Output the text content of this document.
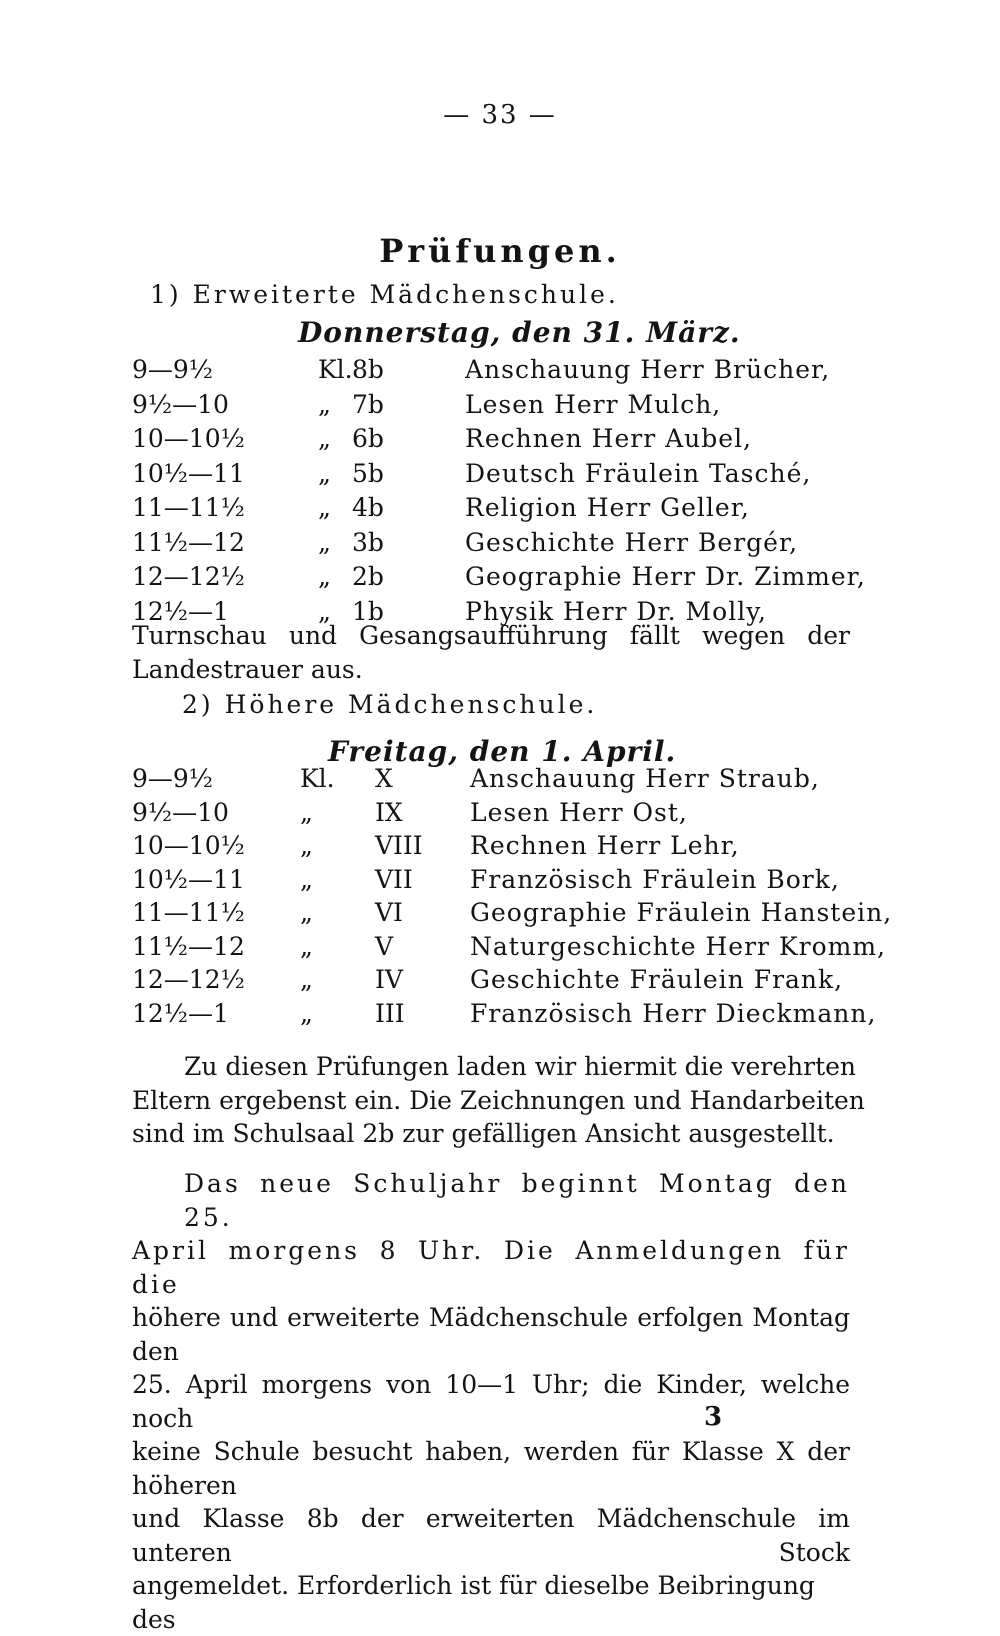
— 33 —
Prüfungen.
1) Erweiterte Mädchenschule.
Donnerstag, den 31. März.
9—9½	Kl. 8b	Anschauung Herr Brücher,
9½—10	„ 7b	Lesen Herr Mulch,
10—10½	„ 6b	Rechnen Herr Aubel,
10½—11	„ 5b	Deutsch Fräulein Tasché,
11—11½	„ 4b	Religion Herr Geller,
11½—12	„ 3b	Geschichte Herr Bergér,
12—12½	„ 2b	Geographie Herr Dr. Zimmer,
12½—1	„ 1b	Physik Herr Dr. Molly,
Turnschau und Gesangsaufführung fällt wegen der
Landestrauer aus.
2) Höhere Mädchenschule.
Freitag, den 1. April.
9—9½	Kl. X	Anschauung Herr Straub,
9½—10	„ IX	Lesen Herr Ost,
10—10½ „ VIII Rechnen Herr Lehr,
10½—11 „ VII Französisch Fräulein Bork,
11—11½ „ VI	Geographie Fräulein Hanstein,
11½—12 „ V	Naturgeschichte Herr Kromm,
12—12½ „ IV	Geschichte Fräulein Frank,
12½—1	„ III	Französisch Herr Dieckmann,
Zu diesen Prüfungen laden wir hiermit die verehrten
Eltern ergebenst ein. Die Zeichnungen und Handarbeiten
sind im Schulsaal 2b zur gefälligen Ansicht ausgestellt.
Das neue Schuljahr beginnt Montag den 25.
April morgens 8 Uhr. Die Anmeldungen für die
höhere und erweiterte Mädchenschule erfolgen Montag den
25. April morgens von 10—1 Uhr; die Kinder, welche noch
keine Schule besucht haben, werden für Klasse X der höheren
und Klasse 8b der erweiterten Mädchenschule im unteren Stock
angemeldet. Erforderlich ist für dieselbe Beibringung des
3
